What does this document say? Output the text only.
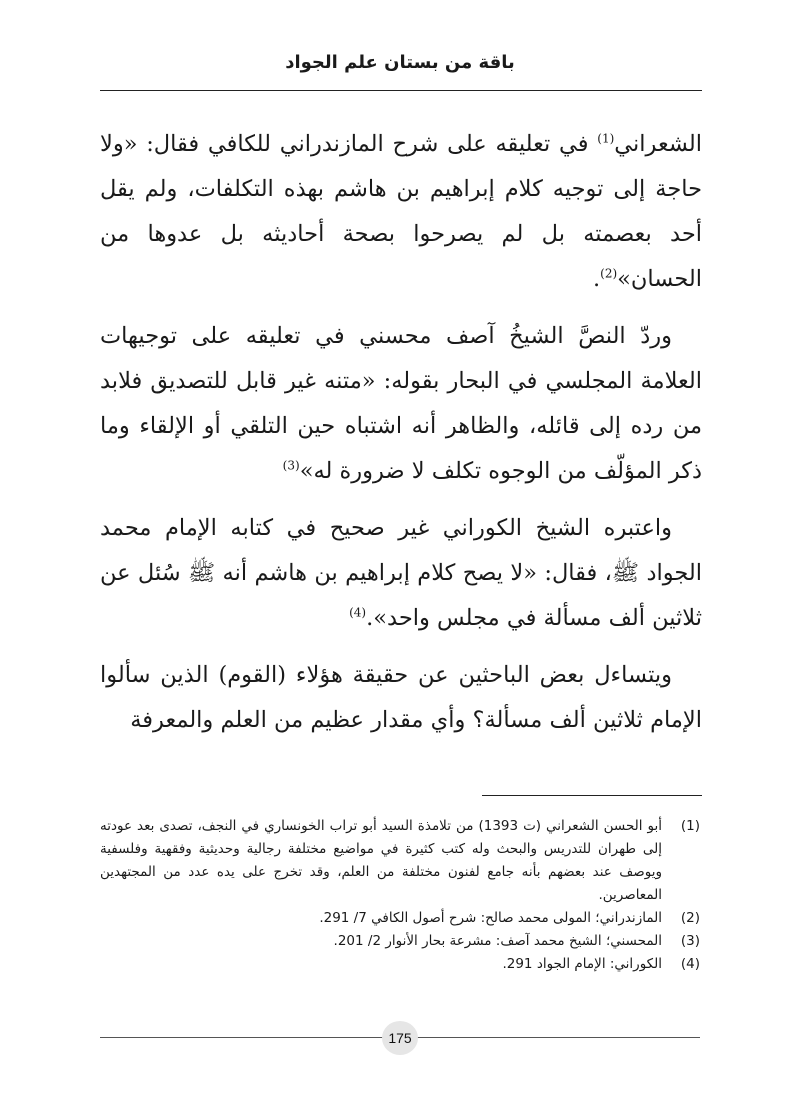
باقة من بستان علم الجواد

الشعراني$^{(1)}$ في تعليقه على شرح المازندراني للكافي فقال: «ولا حاجة إلى توجيه كلام إبراهيم بن هاشم بهذه التكلفات، ولم يقل أحد بعصمته بل لم يصرحوا بصحة أحاديثه بل عدوها من الحسان»$^{(2)}$.

وردّ النصَّ الشيخُ آصف محسني في تعليقه على توجيهات العلامة المجلسي في البحار بقوله: «متنه غير قابل للتصديق فلابد من رده إلى قائله، والظاهر أنه اشتباه حين التلقي أو الإلقاء وما ذكر المؤلّف من الوجوه تكلف لا ضرورة له»$^{(3)}$

واعتبره الشيخ الكوراني غير صحيح في كتابه الإمام محمد الجواد ﷺ، فقال: «لا يصح كلام إبراهيم بن هاشم أنه ﷺ سُئل عن ثلاثين ألف مسألة في مجلس واحد».$^{(4)}$

ويتساءل بعض الباحثين عن حقيقة هؤلاء (القوم) الذين سألوا الإمام ثلاثين ألف مسألة؟ وأي مقدار عظيم من العلم والمعرفة

(1)
أبو الحسن الشعراني (ت 1393) من تلامذة السيد أبو تراب الخونساري في النجف، تصدى بعد عودته إلى طهران للتدريس والبحث وله كتب كثيرة في مواضيع مختلفة رجالية وحديثية وفقهية وفلسفية ويوصف عند بعضهم بأنه جامع لفنون مختلفة من العلم، وقد تخرج على يده عدد من المجتهدين المعاصرين.
(2)
المازندراني؛ المولى محمد صالح: شرح أصول الكافي 7/ 291.
(3)
المحسني؛ الشيخ محمد آصف: مشرعة بحار الأنوار 2/ 201.
(4)
الكوراني: الإمام الجواد 291.
175
